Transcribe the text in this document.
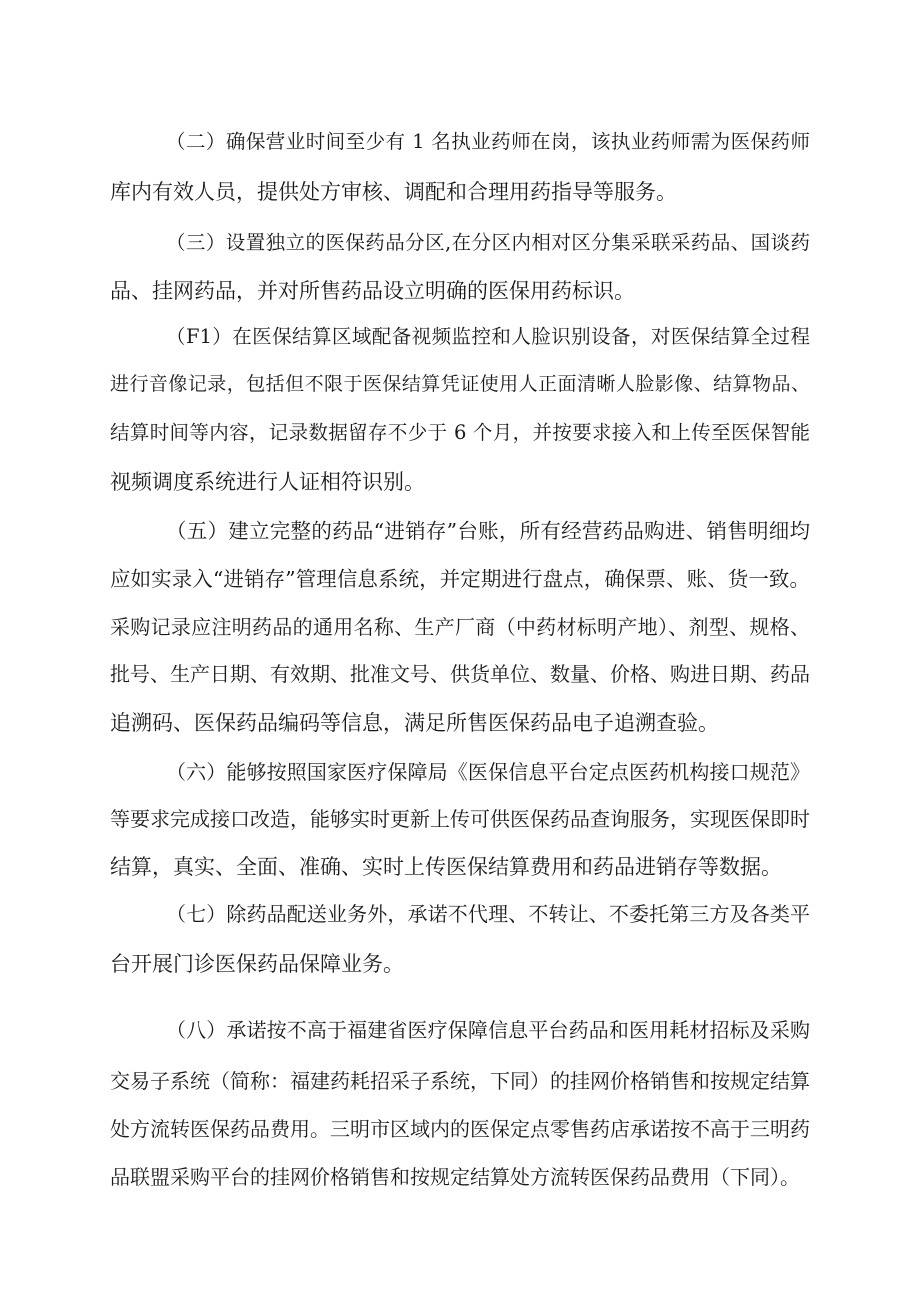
（二）确保营业时间至少有 1 名执业药师在岗，该执业药师需为医保药师
库内有效人员，提供处方审核、调配和合理用药指导等服务。
（三）设置独立的医保药品分区,在分区内相对区分集采联采药品、国谈药
品、挂网药品，并对所售药品设立明确的医保用药标识。
（F1）在医保结算区域配备视频监控和人脸识别设备，对医保结算全过程
进行音像记录，包括但不限于医保结算凭证使用人正面清晰人脸影像、结算物品、
结算时间等内容，记录数据留存不少于 6 个月，并按要求接入和上传至医保智能
视频调度系统进行人证相符识别。
（五）建立完整的药品“进销存”台账，所有经营药品购进、销售明细均
应如实录入“进销存”管理信息系统，并定期进行盘点，确保票、账、货一致。
采购记录应注明药品的通用名称、生产厂商（中药材标明产地）、剂型、规格、
批号、生产日期、有效期、批准文号、供货单位、数量、价格、购进日期、药品
追溯码、医保药品编码等信息，满足所售医保药品电子追溯查验。
（六）能够按照国家医疗保障局《医保信息平台定点医药机构接口规范》
等要求完成接口改造，能够实时更新上传可供医保药品查询服务，实现医保即时
结算，真实、全面、准确、实时上传医保结算费用和药品进销存等数据。
（七）除药品配送业务外，承诺不代理、不转让、不委托第三方及各类平
台开展门诊医保药品保障业务。
（八）承诺按不高于福建省医疗保障信息平台药品和医用耗材招标及采购
交易子系统（简称：福建药耗招采子系统，下同）的挂网价格销售和按规定结算
处方流转医保药品费用。三明市区域内的医保定点零售药店承诺按不高于三明药
品联盟采购平台的挂网价格销售和按规定结算处方流转医保药品费用（下同）。
